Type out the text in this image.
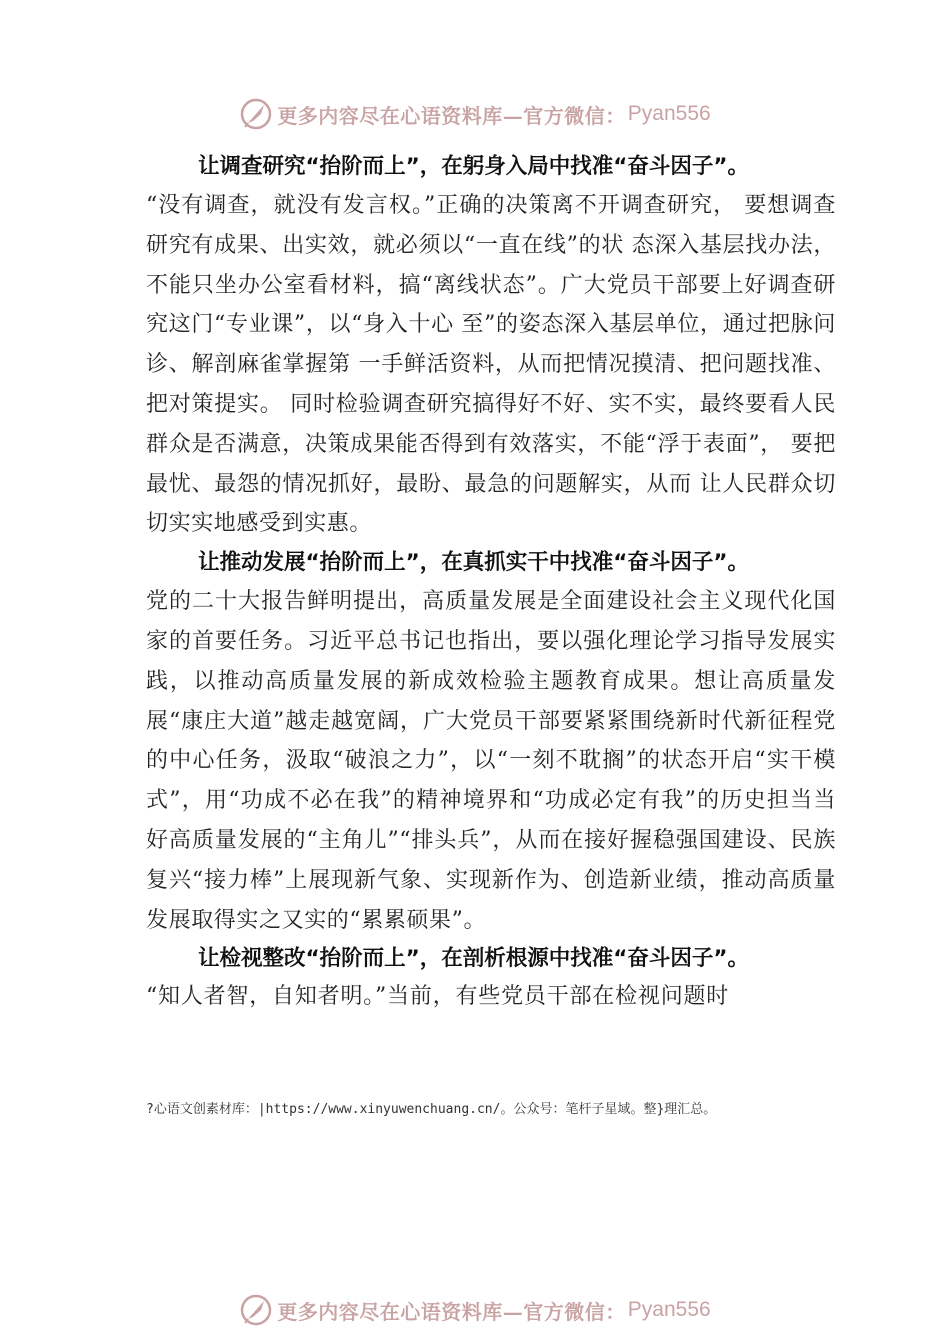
更多内容尽在心语资料库—官方微信： Pyan556
让调查研究“抬阶而上”，在躬身入局中找准“奋斗因子”。
“没有调查，就没有发言权。”正确的决策离不开调查研究， 要想调查研究有成果、出实效，就必须以“一直在线”的状 态深入基层找办法，不能只坐办公室看材料，搞“离线状态”。广大党员干部要上好调查研究这门“专业课”，以“身入十心 至”的姿态深入基层单位，通过把脉问诊、解剖麻雀掌握第 一手鲜活资料，从而把情况摸清、把问题找准、把对策提实。 同时检验调查研究搞得好不好、实不实，最终要看人民群众是否满意，决策成果能否得到有效落实，不能“浮于表面”， 要把最忧、最怨的情况抓好，最盼、最急的问题解实，从而 让人民群众切切实实地感受到实惠。
让推动发展“抬阶而上”，在真抓实干中找准“奋斗因子”。
党的二十大报告鲜明提出，高质量发展是全面建设社会主义现代化国家的首要任务。习近平总书记也指出，要以强化理论学习指导发展实践，以推动高质量发展的新成效检验主题教育成果。想让高质量发展“康庄大道”越走越宽阔，广大党员干部要紧紧围绕新时代新征程党的中心任务，汲取“破浪之力”，以“一刻不耽搁”的状态开启“实干模式”，用“功成不必在我”的精神境界和“功成必定有我”的历史担当当好高质量发展的“主角儿”“排头兵”，从而在接好握稳强国建设、民族复兴“接力棒”上展现新气象、实现新作为、创造新业绩，推动高质量发展取得实之又实的“累累硕果”。
让检视整改“抬阶而上”，在剖析根源中找准“奋斗因子”。
“知人者智，自知者明。”当前，有些党员干部在检视问题时
?心语文创素材库：|https://www.xinyuwenchuang.cn/。公众号：笔杆子星域。整}理汇总。
更多内容尽在心语资料库—官方微信： Pyan556
